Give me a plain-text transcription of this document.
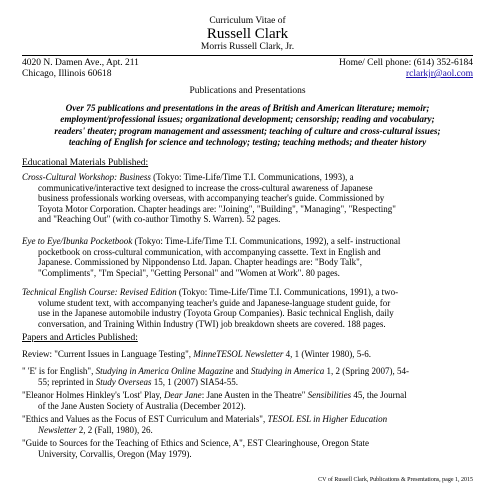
Curriculum Vitae of
Russell Clark
Morris Russell Clark, Jr.
4020 N. Damen Ave., Apt. 211
Chicago, Illinois 60618
Home/ Cell phone: (614) 352-6184
rclarkjr@aol.com
Publications and Presentations
Over 75 publications and presentations in the areas of British and American literature; memoir;
employment/professional issues; organizational development; censorship; reading and vocabulary;
readers' theater; program management and assessment; teaching of culture and cross-cultural issues;
teaching of English for science and technology; testing; teaching methods; and theater history
Educational Materials Published:
Cross-Cultural Workshop: Business (Tokyo: Time-Life/Time T.I. Communications, 1993), a
communicative/interactive text designed to increase the cross-cultural awareness of Japanese
business professionals working overseas, with accompanying teacher's guide. Commissioned by
Toyota Motor Corporation. Chapter headings are: "Joining", "Building", "Managing", "Respecting"
and "Reaching Out" (with co-author Timothy S. Warren). 52 pages.
Eye to Eye/Ibunka Pocketbook (Tokyo: Time-Life/Time T.I. Communications, 1992), a self- instructional
pocketbook on cross-cultural communication, with accompanying cassette. Text in English and
Japanese. Commissioned by Nippondenso Ltd. Japan. Chapter headings are: "Body Talk",
"Compliments", "I'm Special", "Getting Personal" and "Women at Work". 80 pages.
Technical English Course: Revised Edition (Tokyo: Time-Life/Time T.I. Communications, 1991), a two-
volume student text, with accompanying teacher's guide and Japanese-language student guide, for
use in the Japanese automobile industry (Toyota Group Companies). Basic technical English, daily
conversation, and Training Within Industry (TWI) job breakdown sheets are covered. 188 pages.
Papers and Articles Published:
Review: "Current Issues in Language Testing", MinneTESOL Newsletter 4, 1 (Winter 1980), 5-6.
" 'E' is for English", Studying in America Online Magazine and Studying in America 1, 2 (Spring 2007), 54-
55; reprinted in Study Overseas 15, 1 (2007) SIA54-55.
"Eleanor Holmes Hinkley's 'Lost' Play, Dear Jane: Jane Austen in the Theatre" Sensibilities 45, the Journal
of the Jane Austen Society of Australia (December 2012).
"Ethics and Values as the Focus of EST Curriculum and Materials", TESOL ESL in Higher Education
Newsletter 2, 2 (Fall, 1980), 26.
"Guide to Sources for the Teaching of Ethics and Science, A", EST Clearinghouse, Oregon State
University, Corvallis, Oregon (May 1979).
CV of Russell Clark, Publications & Presentations, page 1, 2015
